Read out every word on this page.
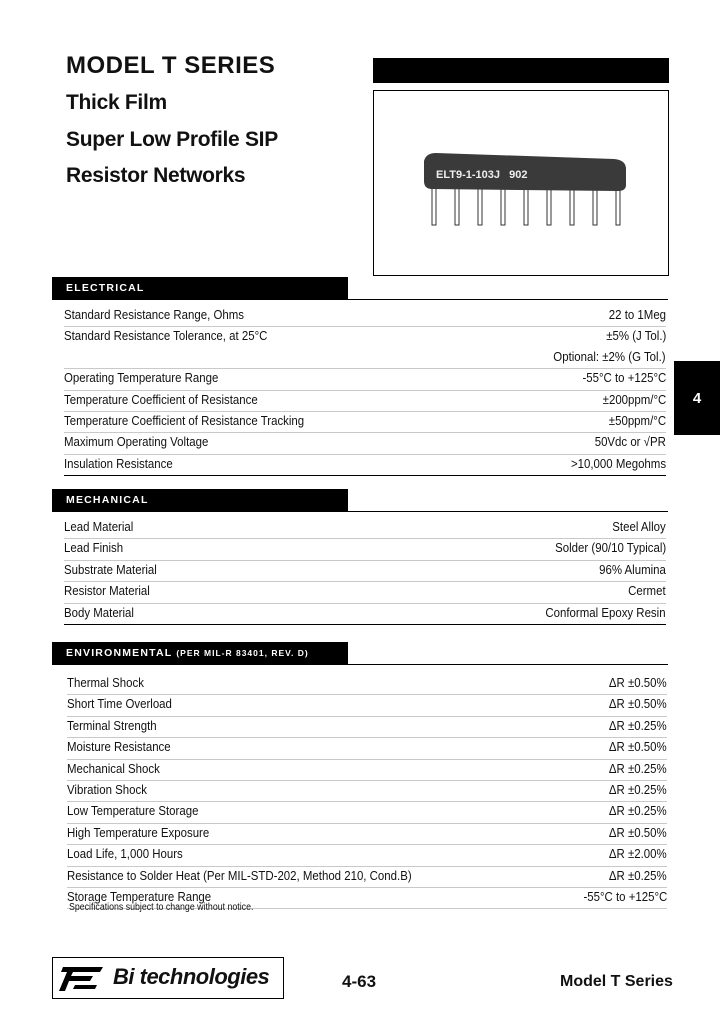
MODEL T SERIES
Thick Film
Super Low Profile SIP
Resistor Networks	ELT9-1-103J   902
4
ELECTRICAL
Standard Resistance Range, Ohms	22 to 1Meg
Standard Resistance Tolerance, at 25°C	±5% (J Tol.)
Optional: ±2% (G Tol.)
Operating Temperature Range	-55°C to +125°C
Temperature Coefficient of Resistance	±200ppm/°C
Temperature Coefficient of Resistance Tracking	±50ppm/°C
Maximum Operating Voltage	50Vdc or √PR
Insulation Resistance	>10,000 Megohms
MECHANICAL
Lead Material	Steel Alloy
Lead Finish	Solder (90/10 Typical)
Substrate Material	96% Alumina
Resistor Material	Cermet
Body Material	Conformal Epoxy Resin
ENVIRONMENTAL (PER MIL-R 83401, REV. D)
Thermal Shock	ΔR ±0.50%
Short Time Overload	ΔR ±0.50%
Terminal Strength	ΔR ±0.25%
Moisture Resistance	ΔR ±0.50%
Mechanical Shock	ΔR ±0.25%
Vibration Shock	ΔR ±0.25%
Low Temperature Storage	ΔR ±0.25%
High Temperature Exposure	ΔR ±0.50%
Load Life, 1,000 Hours	ΔR ±2.00%
Resistance to Solder Heat (Per MIL-STD-202, Method 210, Cond.B)	ΔR ±0.25%
Storage Temperature Range	-55°C to +125°C
Specifications subject to change without notice.
Bi technologies	4-63	Model T Series
